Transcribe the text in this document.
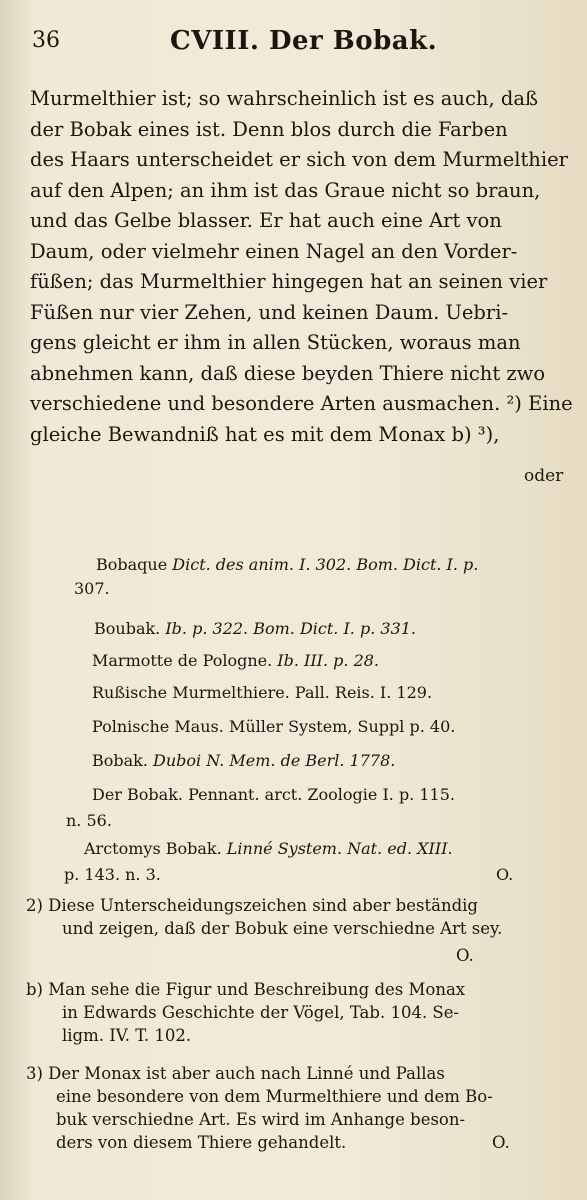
36	CVIII. Der Bobak.
Murmelthier ist; so wahrscheinlich ist es auch, daß
der Bobak eines ist. Denn blos durch die Farben
des Haars unterscheidet er sich von dem Murmelthier
auf den Alpen; an ihm ist das Graue nicht so braun,
und das Gelbe blasser. Er hat auch eine Art von
Daum, oder vielmehr einen Nagel an den Vorder-
füßen; das Murmelthier hingegen hat an seinen vier
Füßen nur vier Zehen, und keinen Daum. Uebri-
gens gleicht er ihm in allen Stücken, woraus man
abnehmen kann, daß diese beyden Thiere nicht zwo
verschiedene und besondere Arten ausmachen. ²) Eine
gleiche Bewandniß hat es mit dem Monax b) ³),
oder
Bobaque Dict. des anim. I. 302. Bom. Dict. I. p.
307.
Boubak. Ib. p. 322. Bom. Dict. I. p. 331.
Marmotte de Pologne. Ib. III. p. 28.
Rußische Murmelthiere. Pall. Reis. I. 129.
Polnische Maus. Müller System, Suppl p. 40.
Bobak. Duboi N. Mem. de Berl. 1778.
Der Bobak. Pennant. arct. Zoologie I. p. 115.
n. 56.
Arctomys Bobak. Linné System. Nat. ed. XIII.
p. 143. n. 3.	O.
2) Diese Unterscheidungszeichen sind aber beständig
und zeigen, daß der Bobuk eine verschiedne Art sey.
O.
b) Man sehe die Figur und Beschreibung des Monax
in Edwards Geschichte der Vögel, Tab. 104. Se-
ligm. IV. T. 102.
3) Der Monax ist aber auch nach Linné und Pallas
eine besondere von dem Murmelthiere und dem Bo-
buk verschiedne Art. Es wird im Anhange beson-
ders von diesem Thiere gehandelt.	O.
